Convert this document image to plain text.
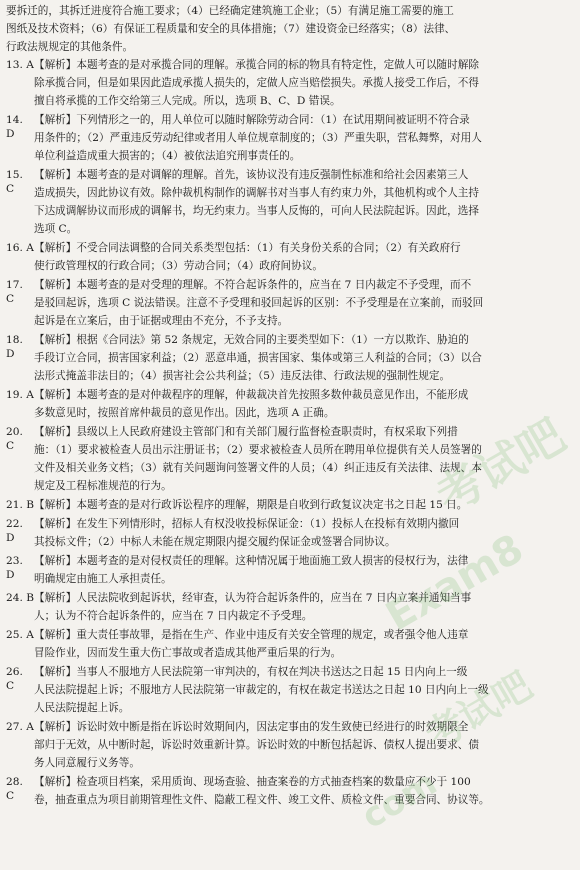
要拆迁的，其拆迁进度符合施工要求；（4）已经确定建筑施工企业；（5）有满足施工需要的施工
图纸及技术资料；（6）有保证工程质量和安全的具体措施；（7）建设资金已经落实；（8）法律、
行政法规规定的其他条件。
13. A 【解析】本题考查的是对承揽合同的理解。承揽合同的标的物具有特定性，定做人可以随时解除
除承揽合同，但是如果因此造成承揽人损失的，定做人应当赔偿损失。承揽人接受工作后，不得
擅自将承揽的工作交给第三人完成。所以，选项 B、C、D 错误。
14. D
【解析】下列情形之一的，用人单位可以随时解除劳动合同：（1）在试用期间被证明不符合录
用条件的；（2）严重违反劳动纪律或者用人单位规章制度的；（3）严重失职，营私舞弊，对用人
单位利益造成重大损害的；（4）被依法追究刑事责任的。
15. C
【解析】本题考查的是对调解的理解。首先，该协议没有违反强制性标准和给社会因素第三人
造成损失，因此协议有效。除仲裁机构制作的调解书对当事人有约束力外，其他机构或个人主持
下达成调解协议而形成的调解书，均无约束力。当事人反悔的，可向人民法院起诉。因此，选择
选项 C。
16. A 【解析】不受合同法调整的合同关系类型包括：（1）有关身份关系的合同；（2）有关政府行
使行政管理权的行政合同；（3）劳动合同；（4）政府间协议。
17. C
【解析】本题考查的是对受理的理解。不符合起诉条件的，应当在 7 日内裁定不予受理，而不
是驳回起诉，选项 C 说法错误。注意不予受理和驳回起诉的区别：不予受理是在立案前，而驳回
起诉是在立案后，由于证据或理由不充分，不予支持。
18. D
【解析】根据《合同法》第 52 条规定，无效合同的主要类型如下：（1）一方以欺诈、胁迫的
手段订立合同，损害国家利益；（2）恶意串通，损害国家、集体或第三人利益的合同；（3）以合
法形式掩盖非法目的；（4）损害社会公共利益；（5）违反法律、行政法规的强制性规定。
19. A 【解析】本题考查的是对仲裁程序的理解，仲裁裁决首先按照多数仲裁员意见作出，不能形成
多数意见时，按照首席仲裁员的意见作出。因此，选项 A 正确。
20. C
【解析】县级以上人民政府建设主管部门和有关部门履行监督检查职责时，有权采取下列措
施：（1）要求被检查人员出示注册证书；（2）要求被检查人员所在聘用单位提供有关人员签署的
文件及相关业务文档；（3）就有关问题询问签署文件的人员；（4）纠正违反有关法律、法规、本
规定及工程标准规范的行为。
21. B 【解析】本题考查的是对行政诉讼程序的理解，期限是自收到行政复议决定书之日起 15 日。
22. D
【解析】在发生下列情形时，招标人有权没收投标保证金：（1）投标人在投标有效期内撤回
其投标文件；（2）中标人未能在规定期限内提交履约保证金或签署合同协议。
23. D
【解析】本题考查的是对侵权责任的理解。这种情况属于地面施工致人损害的侵权行为，法律
明确规定由施工人承担责任。
24. B 【解析】人民法院收到起诉状，经审查，认为符合起诉条件的，应当在 7 日内立案并通知当事
人；认为不符合起诉条件的，应当在 7 日内裁定不予受理。
25. A 【解析】重大责任事故罪，是指在生产、作业中违反有关安全管理的规定，或者强令他人违章
冒险作业，因而发生重大伤亡事故或者造成其他严重后果的行为。
26. C
【解析】当事人不服地方人民法院第一审判决的，有权在判决书送达之日起 15 日内向上一级
人民法院提起上诉；不服地方人民法院第一审裁定的，有权在裁定书送达之日起 10 日内向上一级
人民法院提起上诉。
27. A 【解析】诉讼时效中断是指在诉讼时效期间内，因法定事由的发生致使已经进行的时效期限全
部归于无效，从中断时起，诉讼时效重新计算。诉讼时效的中断包括起诉、债权人提出要求、债
务人同意履行义务等。
28. C
【解析】检查项目档案，采用质询、现场查验、抽查案卷的方式抽查档案的数量应不少于 100
卷，抽查重点为项目前期管理性文件、隐蔽工程文件、竣工文件、质检文件、重要合同、协议等。
考试吧
Exam8
考试吧
com
